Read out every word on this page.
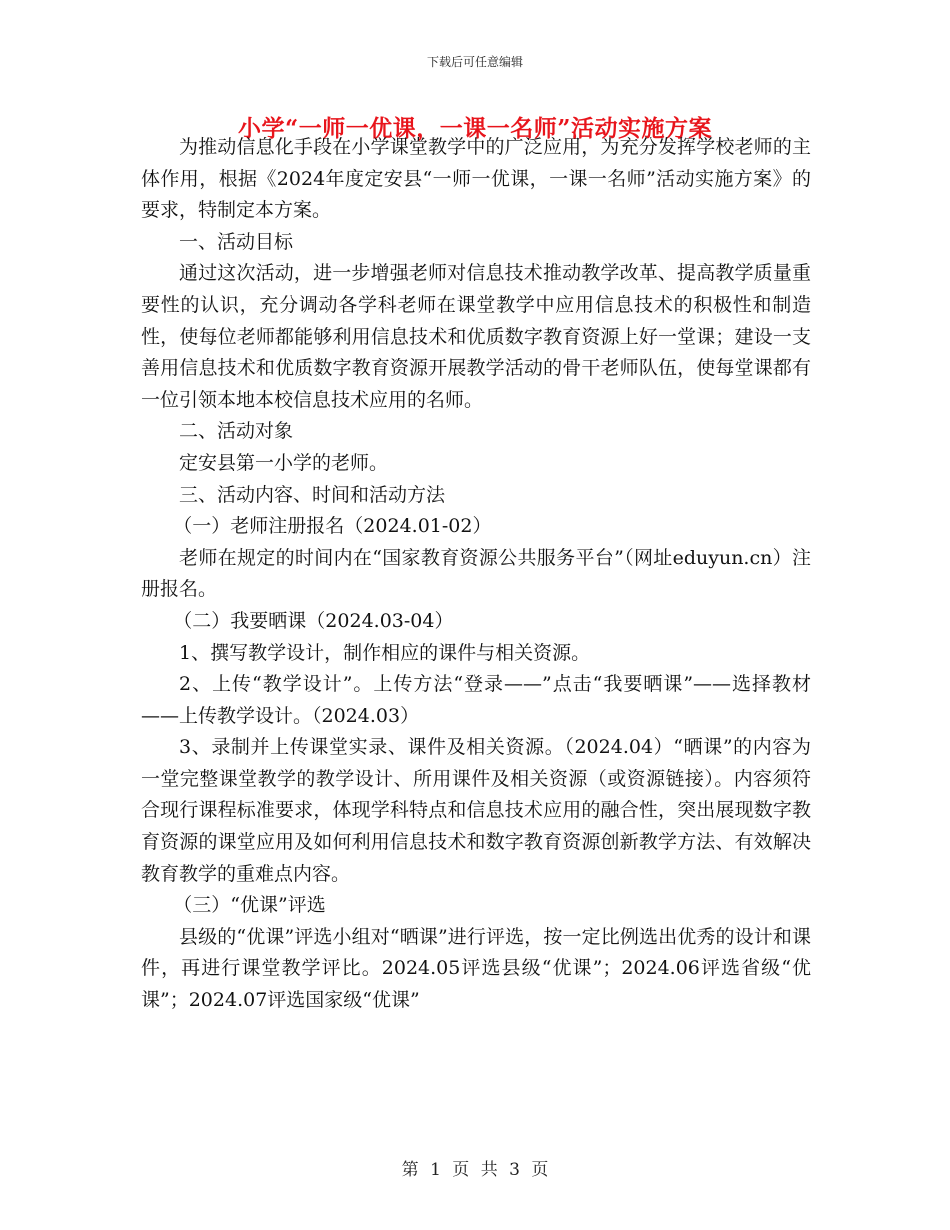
下载后可任意编辑
小学“一师一优课，一课一名师”活动实施方案

为推动信息化手段在小学课堂教学中的广泛应用，为充分发挥学校老师的主体作用，根据《2024年度定安县“一师一优课，一课一名师”活动实施方案》的要求，特制定本方案。

一、活动目标

通过这次活动，进一步增强老师对信息技术推动教学改革、提高教学质量重要性的认识，充分调动各学科老师在课堂教学中应用信息技术的积极性和制造性，使每位老师都能够利用信息技术和优质数字教育资源上好一堂课；建设一支善用信息技术和优质数字教育资源开展教学活动的骨干老师队伍，使每堂课都有一位引领本地本校信息技术应用的名师。

二、活动对象

定安县第一小学的老师。

三、活动内容、时间和活动方法

（一）老师注册报名（2024.01-02）

老师在规定的时间内在“国家教育资源公共服务平台”（网址eduyun.cn）注册报名。

（二）我要晒课（2024.03-04）

1、撰写教学设计，制作相应的课件与相关资源。

2、上传“教学设计”。上传方法“登录——”点击“我要晒课”——选择教材——上传教学设计。（2024.03）

3、录制并上传课堂实录、课件及相关资源。（2024.04）“晒课”的内容为一堂完整课堂教学的教学设计、所用课件及相关资源（或资源链接）。内容须符合现行课程标准要求，体现学科特点和信息技术应用的融合性，突出展现数字教育资源的课堂应用及如何利用信息技术和数字教育资源创新教学方法、有效解决教育教学的重难点内容。

（三）“优课”评选

县级的“优课”评选小组对“晒课”进行评选，按一定比例选出优秀的设计和课件，再进行课堂教学评比。2024.05评选县级“优课”；2024.06评选省级“优课”；2024.07评选国家级“优课”

第 1 页 共 3 页
